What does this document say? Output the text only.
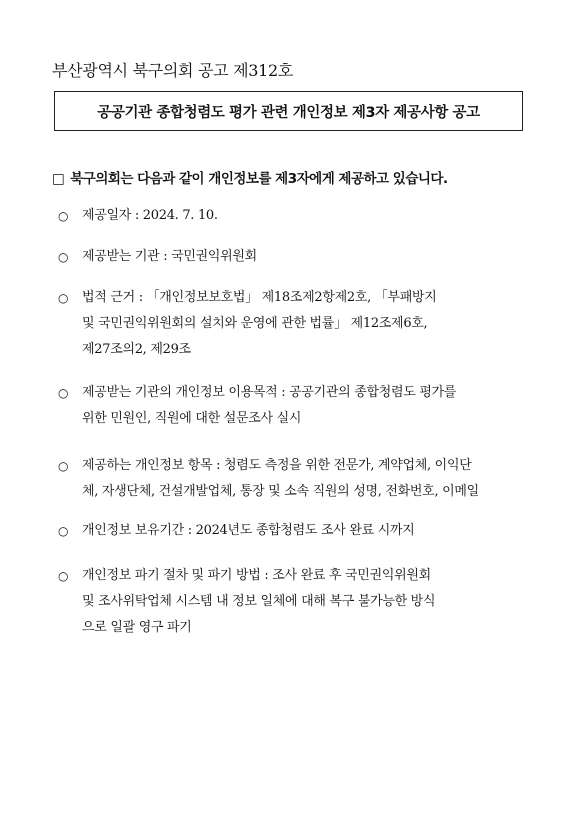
부산광역시 북구의회 공고 제312호
공공기관 종합청렴도 평가 관련 개인정보 제3자 제공사항 공고
□ 북구의회는 다음과 같이 개인정보를 제3자에게 제공하고 있습니다.
○ 제공일자 : 2024. 7. 10.
○ 제공받는 기관 : 국민권익위원회
○ 법적 근거 : 「개인정보보호법」 제18조제2항제2호, 「부패방지
및 국민권익위원회의 설치와 운영에 관한 법률」 제12조제6호,
제27조의2, 제29조
○ 제공받는 기관의 개인정보 이용목적 : 공공기관의 종합청렴도 평가를
위한 민원인, 직원에 대한 설문조사 실시
○ 제공하는 개인정보 항목 : 청렴도 측정을 위한 전문가, 계약업체, 이익단
체, 자생단체, 건설개발업체, 통장 및 소속 직원의 성명, 전화번호, 이메일
○ 개인정보 보유기간 : 2024년도 종합청렴도 조사 완료 시까지
○ 개인정보 파기 절차 및 파기 방법 : 조사 완료 후 국민권익위원회
및 조사위탁업체 시스템 내 정보 일체에 대해 복구 불가능한 방식
으로 일괄 영구 파기
